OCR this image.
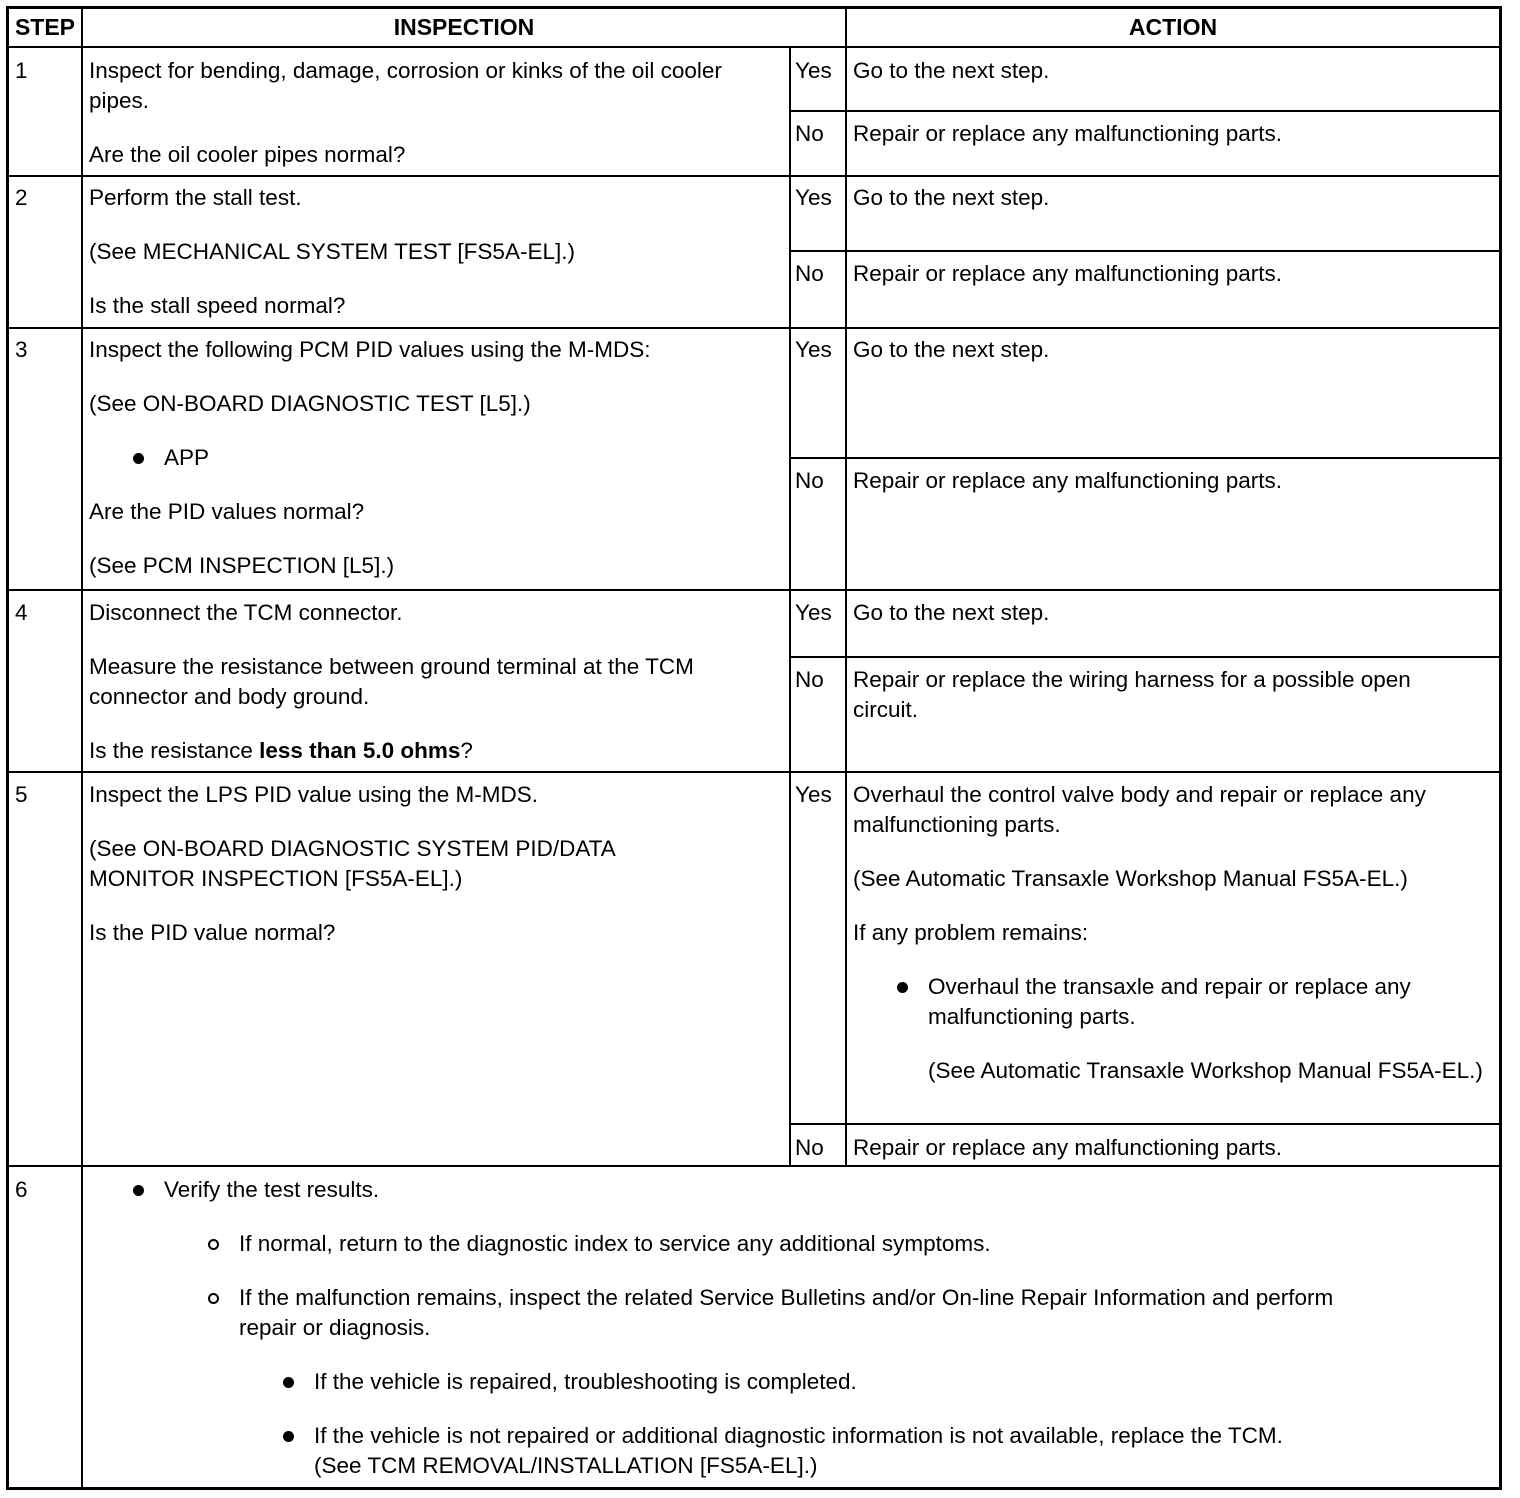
STEP	INSPECTION	ACTION
1	Inspect for bending, damage, corrosion or kinks of the oil cooler pipes.

Are the oil cooler pipes normal?

Yes Go to the next step.
No	Repair or replace any malfunctioning parts.
2	Perform the stall test.

(See MECHANICAL SYSTEM TEST [FS5A-EL].)

Is the stall speed normal?

Yes Go to the next step.
No	Repair or replace any malfunctioning parts.
3	Inspect the following PCM PID values using the M-MDS:

(See ON-BOARD DIAGNOSTIC TEST [L5].)

APP

Are the PID values normal?

(See PCM INSPECTION [L5].)

Yes Go to the next step.
No	Repair or replace any malfunctioning parts.
4	Disconnect the TCM connector.

Measure the resistance between ground terminal at the TCM connector and body ground.

Is the resistance less than 5.0 ohms?

Yes Go to the next step.
No	Repair or replace the wiring harness for a possible open circuit.
5	Inspect the LPS PID value using the M-MDS.

(See ON-BOARD DIAGNOSTIC SYSTEM PID/DATA MONITOR INSPECTION [FS5A-EL].)

Is the PID value normal?

Yes Overhaul the control valve body and repair or replace any malfunctioning parts.

(See Automatic Transaxle Workshop Manual FS5A-EL.)

If any problem remains:

Overhaul the transaxle and repair or replace any malfunctioning parts.

(See Automatic Transaxle Workshop Manual FS5A-EL.)

No	Repair or replace any malfunctioning parts.
6	Verify the test results.
If normal, return to the diagnostic index to service any additional symptoms.
If the malfunction remains, inspect the related Service Bulletins and/or On-line Repair Information and perform repair or diagnosis.
If the vehicle is repaired, troubleshooting is completed.

If the vehicle is not repaired or additional diagnostic information is not available, replace the TCM.

(See TCM REMOVAL/INSTALLATION [FS5A-EL].)
